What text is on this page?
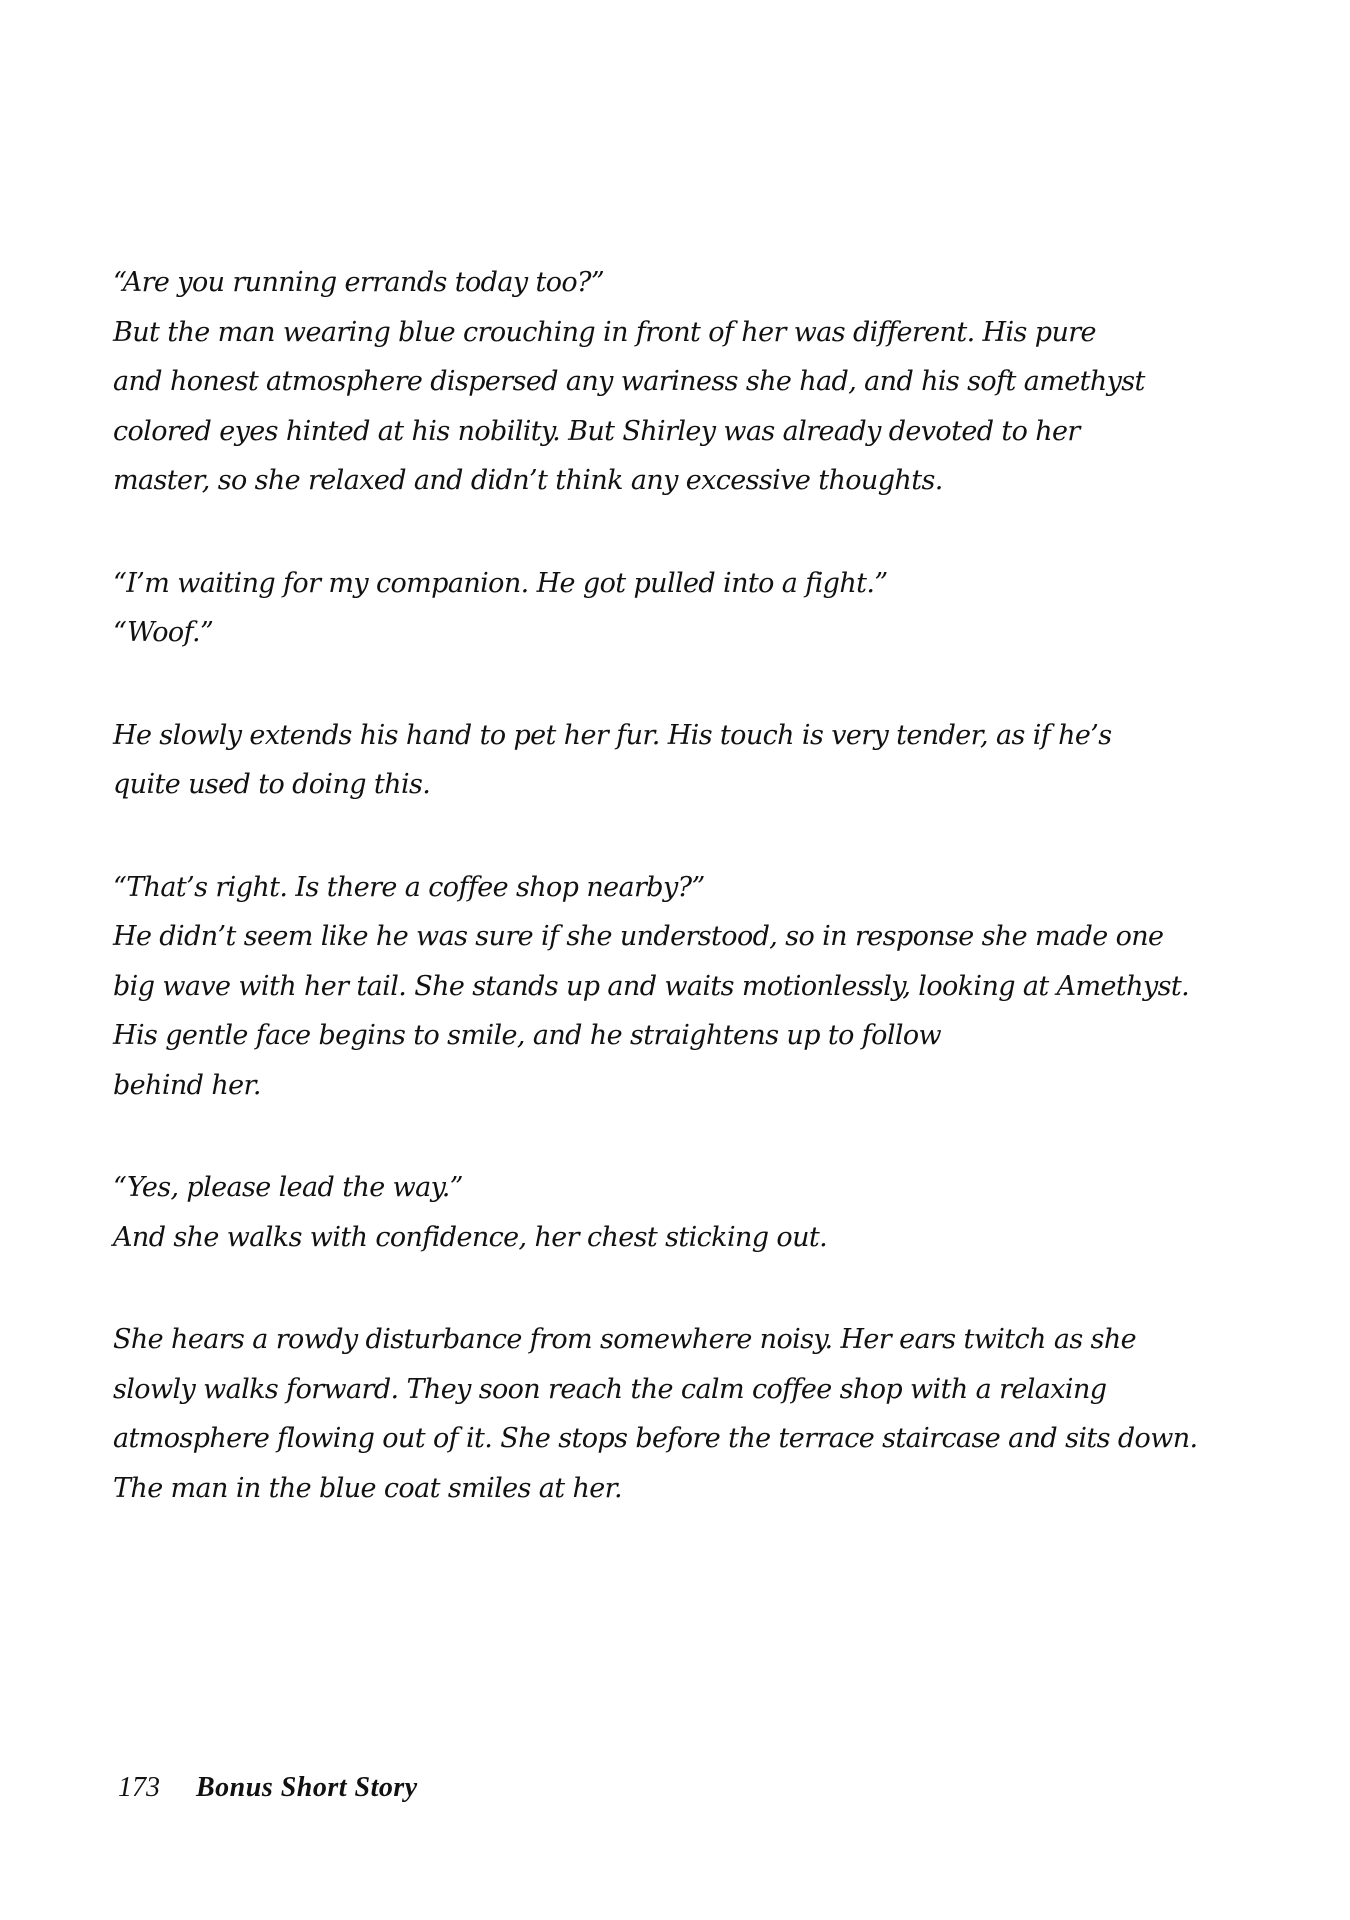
“Are you running errands today too?”
But the man wearing blue crouching in front of her was different. His pure
and honest atmosphere dispersed any wariness she had, and his soft amethyst
colored eyes hinted at his nobility. But Shirley was already devoted to her
master, so she relaxed and didn’t think any excessive thoughts.

“I’m waiting for my companion. He got pulled into a fight.”
“Woof.”

He slowly extends his hand to pet her fur. His touch is very tender, as if he’s
quite used to doing this.

“That’s right. Is there a coffee shop nearby?”
He didn’t seem like he was sure if she understood, so in response she made one
big wave with her tail. She stands up and waits motionlessly, looking at Amethyst.
His gentle face begins to smile, and he straightens up to follow
behind her.

“Yes, please lead the way.”
And she walks with confidence, her chest sticking out.

She hears a rowdy disturbance from somewhere noisy. Her ears twitch as she
slowly walks forward. They soon reach the calm coffee shop with a relaxing
atmosphere flowing out of it. She stops before the terrace staircase and sits down.
The man in the blue coat smiles at her.

173	Bonus Short Story
